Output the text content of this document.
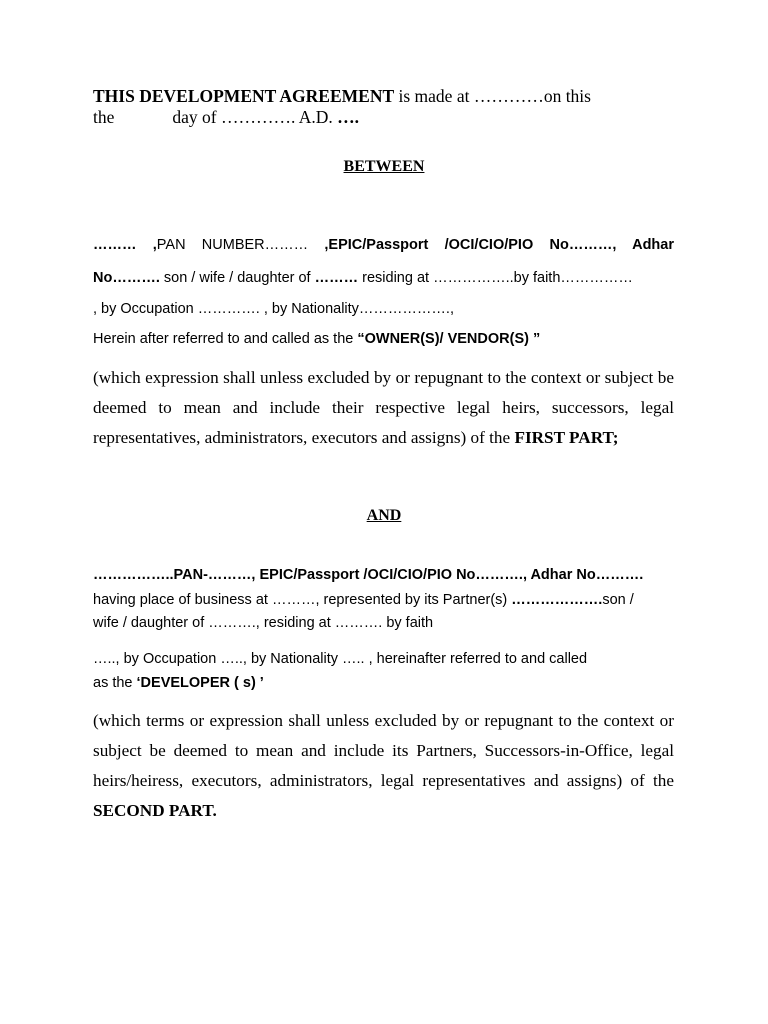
THIS DEVELOPMENT AGREEMENT is made at …………on this
the	day of …………. A.D. ….
BETWEEN
……… ,PAN NUMBER……… ,EPIC/Passport /OCI/CIO/PIO No………, Adhar
No………. son / wife / daughter of ……… residing at ……………..by faith……………
, by Occupation …………. , by Nationality……………….,
Herein after referred to and called as the “OWNER(S)/ VENDOR(S) ”
(which expression shall unless excluded by or repugnant to the context or subject be deemed to mean and include their respective legal heirs, successors, legal representatives, administrators, executors and assigns) of the FIRST PART;
AND
……………..PAN-………, EPIC/Passport /OCI/CIO/PIO No………., Adhar No……….
having place of business at ………, represented by its Partner(s) ……………….son /
wife / daughter of ………., residing at ………. by faith
….., by Occupation ….., by Nationality ….. , hereinafter referred to and called
as the ‘DEVELOPER ( s) ’
(which terms or expression shall unless excluded by or repugnant to the context or subject be deemed to mean and include its Partners, Successors-in-Office, legal heirs/heiress, executors, administrators, legal representatives and assigns) of the SECOND PART.
